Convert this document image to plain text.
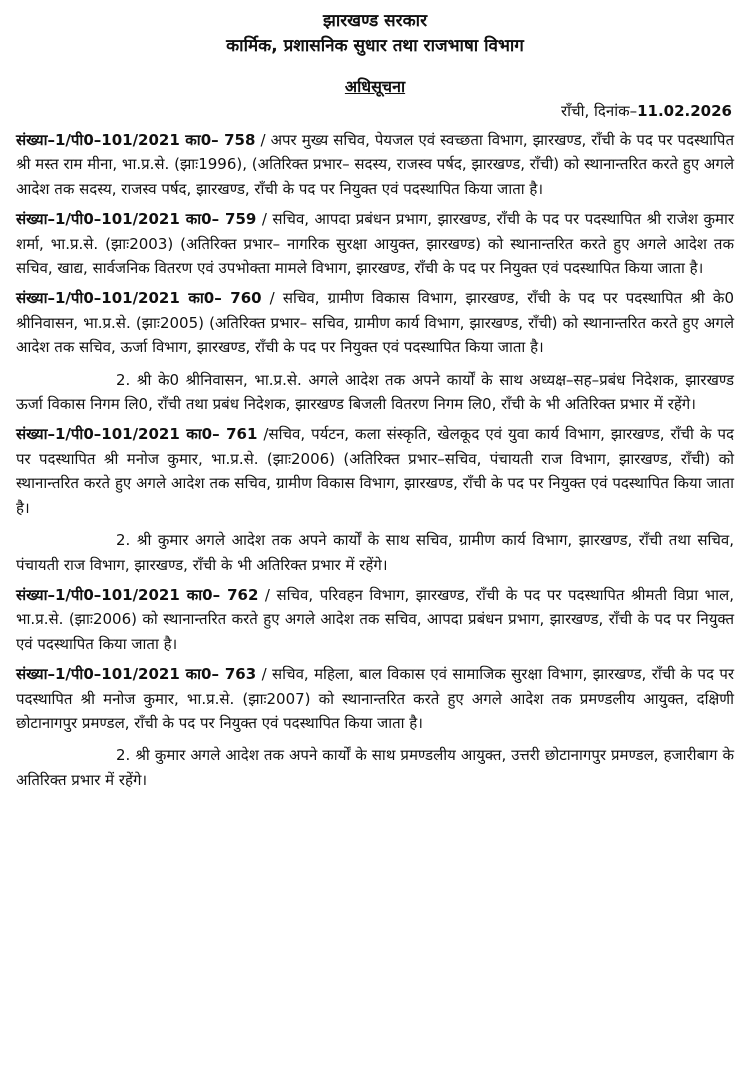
झारखण्ड सरकार
कार्मिक, प्रशासनिक सुधार तथा राजभाषा विभाग
अधिसूचना
राँची, दिनांक–11.02.2026

संख्या–1/पी0–101/2021 का0– 758 / अपर मुख्य सचिव, पेयजल एवं स्वच्छता विभाग, झारखण्ड, राँची के पद पर पदस्थापित श्री मस्त राम मीना, भा.प्र.से. (झाः1996), (अतिरिक्त प्रभार– सदस्य, राजस्व पर्षद, झारखण्ड, राँची) को स्थानान्तरित करते हुए अगले आदेश तक सदस्य, राजस्व पर्षद, झारखण्ड, राँची के पद पर नियुक्त एवं पदस्थापित किया जाता है।

संख्या–1/पी0–101/2021 का0– 759 / सचिव, आपदा प्रबंधन प्रभाग, झारखण्ड, राँची के पद पर पदस्थापित श्री राजेश कुमार शर्मा, भा.प्र.से. (झाः2003) (अतिरिक्त प्रभार– नागरिक सुरक्षा आयुक्त, झारखण्ड) को स्थानान्तरित करते हुए अगले आदेश तक सचिव, खाद्य, सार्वजनिक वितरण एवं उपभोक्ता मामले विभाग, झारखण्ड, राँची के पद पर नियुक्त एवं पदस्थापित किया जाता है।

संख्या–1/पी0–101/2021 का0– 760 / सचिव, ग्रामीण विकास विभाग, झारखण्ड, राँची के पद पर पदस्थापित श्री के0 श्रीनिवासन, भा.प्र.से. (झाः2005) (अतिरिक्त प्रभार– सचिव, ग्रामीण कार्य विभाग, झारखण्ड, राँची) को स्थानान्तरित करते हुए अगले आदेश तक सचिव, ऊर्जा विभाग, झारखण्ड, राँची के पद पर नियुक्त एवं पदस्थापित किया जाता है।

2. श्री के0 श्रीनिवासन, भा.प्र.से. अगले आदेश तक अपने कार्यों के साथ अध्यक्ष–सह–प्रबंध निदेशक, झारखण्ड ऊर्जा विकास निगम लि0, राँची तथा प्रबंध निदेशक, झारखण्ड बिजली वितरण निगम लि0, राँची के भी अतिरिक्त प्रभार में रहेंगे।

संख्या–1/पी0–101/2021 का0– 761 /सचिव, पर्यटन, कला संस्कृति, खेलकूद एवं युवा कार्य विभाग, झारखण्ड, राँची के पद पर पदस्थापित श्री मनोज कुमार, भा.प्र.से. (झाः2006) (अतिरिक्त प्रभार–सचिव, पंचायती राज विभाग, झारखण्ड, राँची) को स्थानान्तरित करते हुए अगले आदेश तक सचिव, ग्रामीण विकास विभाग, झारखण्ड, राँची के पद पर नियुक्त एवं पदस्थापित किया जाता है।

2. श्री कुमार अगले आदेश तक अपने कार्यों के साथ सचिव, ग्रामीण कार्य विभाग, झारखण्ड, राँची तथा सचिव, पंचायती राज विभाग, झारखण्ड, राँची के भी अतिरिक्त प्रभार में रहेंगे।

संख्या–1/पी0–101/2021 का0– 762 / सचिव, परिवहन विभाग, झारखण्ड, राँची के पद पर पदस्थापित श्रीमती विप्रा भाल, भा.प्र.से. (झाः2006) को स्थानान्तरित करते हुए अगले आदेश तक सचिव, आपदा प्रबंधन प्रभाग, झारखण्ड, राँची के पद पर नियुक्त एवं पदस्थापित किया जाता है।

संख्या–1/पी0–101/2021 का0– 763 / सचिव, महिला, बाल विकास एवं सामाजिक सुरक्षा विभाग, झारखण्ड, राँची के पद पर पदस्थापित श्री मनोज कुमार, भा.प्र.से. (झाः2007) को स्थानान्तरित करते हुए अगले आदेश तक प्रमण्डलीय आयुक्त, दक्षिणी छोटानागपुर प्रमण्डल, राँची के पद पर नियुक्त एवं पदस्थापित किया जाता है।

2. श्री कुमार अगले आदेश तक अपने कार्यों के साथ प्रमण्डलीय आयुक्त, उत्तरी छोटानागपुर प्रमण्डल, हजारीबाग के अतिरिक्त प्रभार में रहेंगे।
